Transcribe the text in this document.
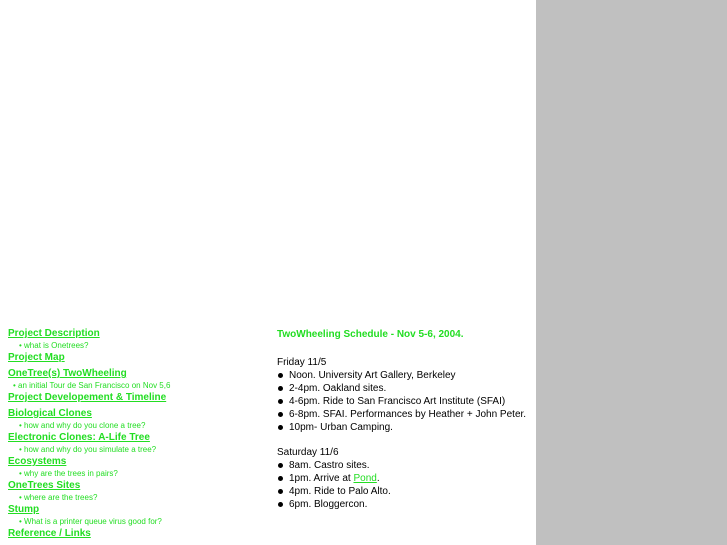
Project Description
• what is Onetrees?
Project Map
OneTree(s) TwoWheeling
• an initial Tour de San Francisco on Nov 5,6
Project Developement & Timeline
Biological Clones
• how and why do you clone a tree?
Electronic Clones: A-Life Tree
• how and why do you simulate a tree?
Ecosystems
• why are the trees in pairs?
OneTrees Sites
• where are the trees?
Stump
• What is a printer queue virus good for?
Reference / Links
TwoWheeling Schedule - Nov 5-6, 2004.
Friday 11/5
Noon. University Art Gallery, Berkeley
2-4pm. Oakland sites.
4-6pm. Ride to San Francisco Art Institute (SFAI)
6-8pm. SFAI. Performances by Heather + John Peter.
10pm- Urban Camping.
Saturday 11/6
8am. Castro sites.
1pm. Arrive at Pond.
4pm. Ride to Palo Alto.
6pm. Bloggercon.
